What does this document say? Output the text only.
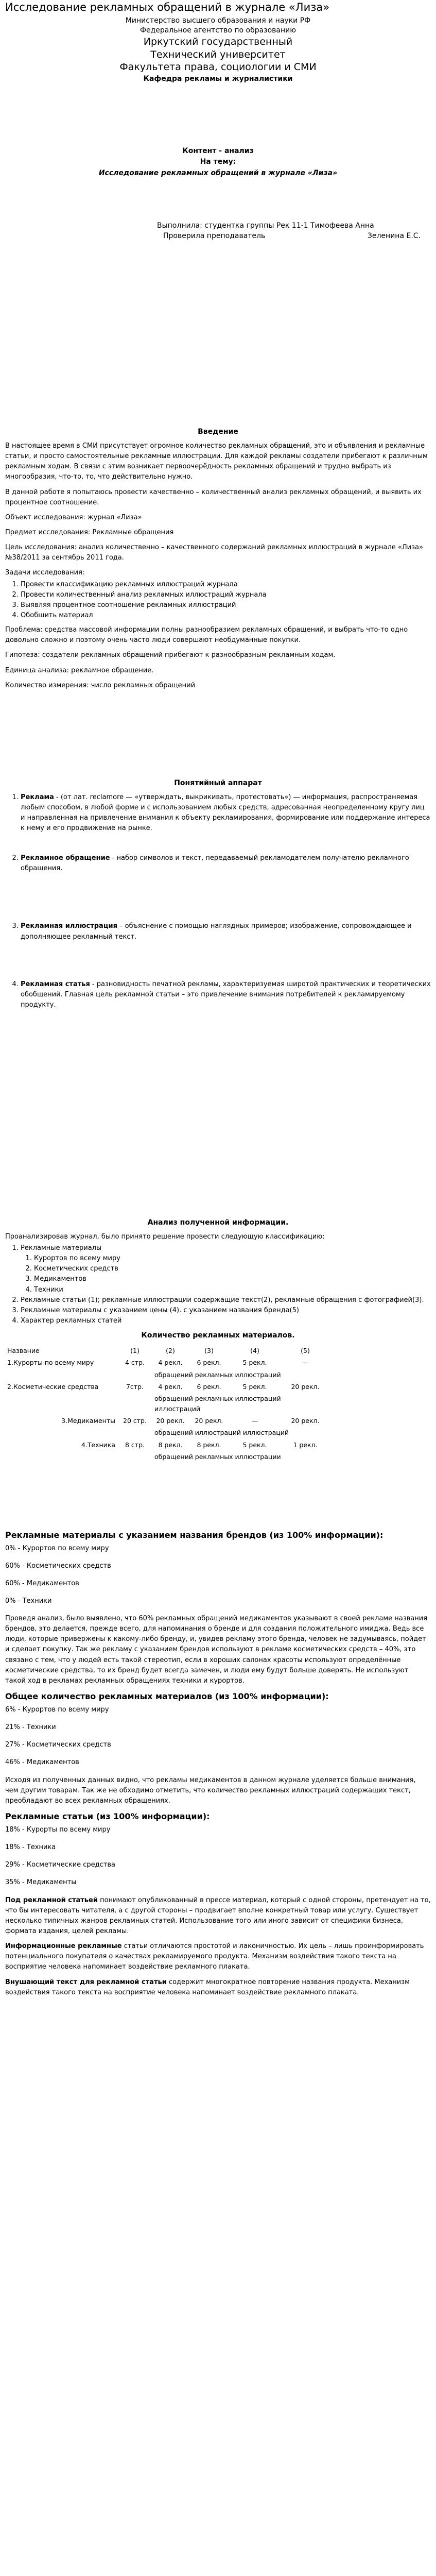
Исследование рекламных обращений в журнале «Лиза»

Министерство высшего образования и науки РФ

Федеральное агентство по образованию

Иркутский государственный

Технический университет

Факультета права, социологии и СМИ

Кафедра рекламы и журналистики

Контент - анализ

На тему:

Исследование рекламных обращений в журнале «Лиза»

Выполнила: студентка группы Рек 11-1 Тимофеева Анна
Проверила преподаватель	Зеленина Е.С.
Введение

В настоящее время в СМИ присутствует огромное количество рекламных обращений, это и объявления и рекламные статьи, и просто самостоятельные рекламные иллюстрации. Для каждой рекламы создатели прибегают к различным рекламным ходам. В связи с этим возникает первоочерёдность рекламных обращений и трудно выбрать из многообразия, что-то, то, что действительно нужно.

В данной работе я попытаюсь провести качественно – количественный анализ рекламных обращений, и выявить их процентное соотношение.

Объект исследования: журнал «Лиза»

Предмет исследования: Рекламные обращения

Цель исследования: анализ количественно – качественного содержаний рекламных иллюстраций в журнале «Лиза» №38/2011 за сентябрь 2011 года.

Задачи исследования:

1. Провести классификацию рекламных иллюстраций журнала
2. Провести количественный анализ рекламных иллюстраций журнала
3. Выявляя процентное соотношение рекламных иллюстраций
4. Обобщить материал

Проблема: средства массовой информации полны разнообразием рекламных обращений, и выбрать что-то одно довольно сложно и поэтому очень часто люди совершают необдуманные покупки.

Гипотеза: создатели рекламных обращений прибегают к разнообразным рекламным ходам.

Единица анализа: рекламное обращение.

Количество измерения: число рекламных обращений

Понятийный аппарат
1. Реклама - (от лат. reclamore — «утверждать, выкрикивать, протестовать») — информация, распространяемая любым способом, в любой форме и с использованием любых средств, адресованная неопределенному кругу лиц и направленная на привлечение внимания к объекту рекламирования, формирование или поддержание интереса к нему и его продвижение на рынке.
2. Рекламное обращение - набор символов и текст, передаваемый рекламодателем получателю рекламного обращения.
3. Рекламная иллюстрация – объяснение с помощью наглядных примеров; изображение, сопровождающее и дополняющее рекламный текст.
4. Рекламная статья - разновидность печатной рекламы, характеризуемая широтой практических и теоретических обобщений. Главная цель рекламной статьи – это привлечение внимания потребителей к рекламируемому продукту.
Анализ полученной информации.

Проанализировав журнал, было принято решение провести следующую классификацию:

1. Рекламные материалы
1. Курортов по всему миру
2. Косметических средств
3. Медикаментов
4. Техники
2. Рекламные статьи (1); рекламные иллюстрации содержащие текст(2), рекламные обращения с фотографией(3).
3. Рекламные материалы с указанием цены (4). с указанием названия бренда(5)
4. Характер рекламных статей
Количество рекламных материалов.
Название	(1)	(2)	(3)	(4)	(5)
1.Курорты по всему миру	4 стр.	4 рекл.	6 рекл.	5 рекл.	—
		обращений рекламных иллюстраций			
2.Косметические средства	7стр.	4 рекл.	6 рекл.	5 рекл.	20 рекл.
		обращений рекламных иллюстраций иллюстраций			
3.Медикаменты	20 стр.	20 рекл.	20 рекл.	—	20 рекл.
		обращений иллюстраций иллюстраций			
4.Техника	8 стр.	8 рекл.	8 рекл.	5 рекл.	1 рекл.
		обращений рекламных иллюстрации			
Рекламные материалы с указанием названия брендов (из 100% информации):

0% - Курортов по всему миру

60% - Косметических средств

60% - Медикаментов

0% - Техники

Проведя анализ, было выявлено, что 60% рекламных обращений медикаментов указывают в своей рекламе названия брендов, это делается, прежде всего, для напоминания о бренде и для создания положительного имиджа. Ведь все люди, которые привержены к какому-либо бренду, и, увидев рекламу этого бренда, человек не задумываясь, пойдет и сделает покупку. Так же рекламу с указанием брендов используют в рекламе косметических средств – 40%, это связано с тем, что у людей есть такой стереотип, если в хороших салонах красоты используют определённые косметические средства, то их бренд будет всегда замечен, и люди ему будут больше доверять. Не используют такой ход в рекламах рекламных обращениях техники и курортов.

Общее количество рекламных материалов (из 100% информации):

6% - Курортов по всему миру

21% - Техники

27% - Косметических средств

46% - Медикаментов

Исходя из полученных данных видно, что рекламы медикаментов в данном журнале уделяется больше внимания, чем другим товарам. Так же не обходимо отметить, что количество рекламных иллюстраций содержащих текст, преобладают во всех рекламных обращениях.

Рекламные статьи (из 100% информации):

18% - Курорты по всему миру

18% - Техника

29% - Косметические средства

35% - Медикаменты

Под рекламной статьей понимают опубликованный в прессе материал, который с одной стороны, претендует на то, что бы интересовать читателя, а с другой стороны – продвигает вполне конкретный товар или услугу. Существует несколько типичных жанров рекламных статей. Использование того или иного зависит от специфики бизнеса, формата издания, целей рекламы.

Информационные рекламные статьи отличаются простотой и лаконичностью. Их цель – лишь проинформировать потенциального покупателя о качествах рекламируемого продукта. Механизм воздействия такого текста на восприятие человека напоминает воздействие рекламного плаката.

Внушающий текст для рекламной статьи содержит многократное повторение названия продукта. Механизм воздействия такого текста на восприятие человека напоминает воздействие рекламного плаката.
